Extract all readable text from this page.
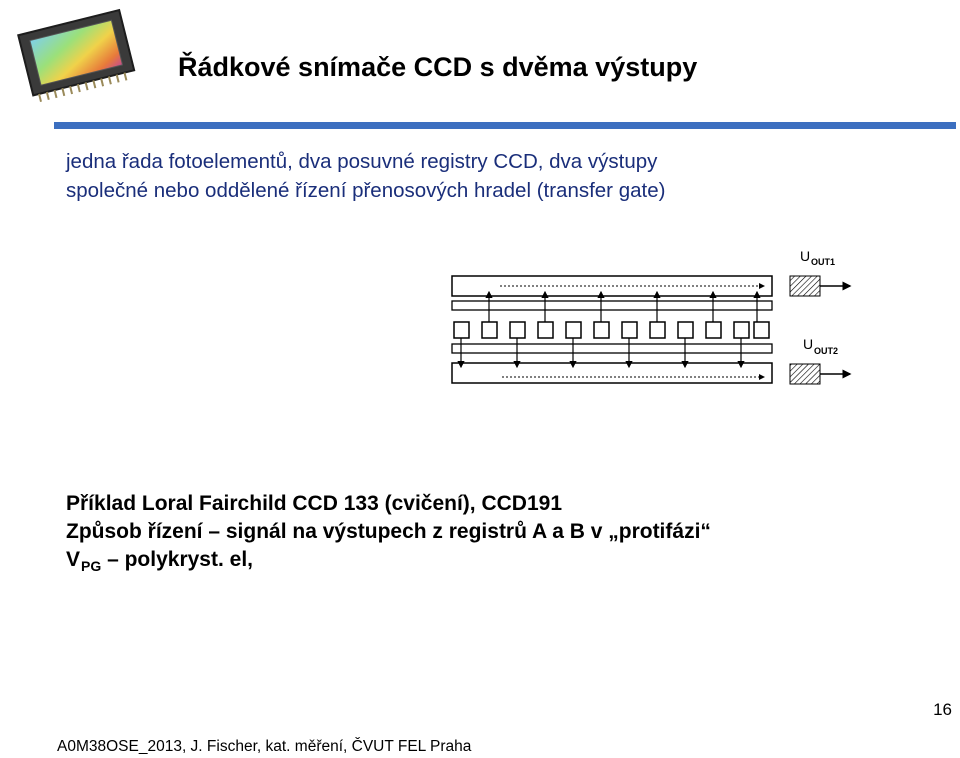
Řádkové snímače CCD s dvěma výstupy
jedna řada fotoelementů, dva posuvné registry CCD, dva výstupy
společné nebo oddělené řízení přenosových hradel (transfer gate)
U OUT1
U OUT2
Příklad Loral Fairchild CCD 133 (cvičení), CCD191
Způsob řízení – signál na výstupech z registrů A a B v „protifázi“
$V_{PG}$ – polykryst. el,
A0M38OSE_2013, J. Fischer, kat. měření, ČVUT FEL Praha
16
